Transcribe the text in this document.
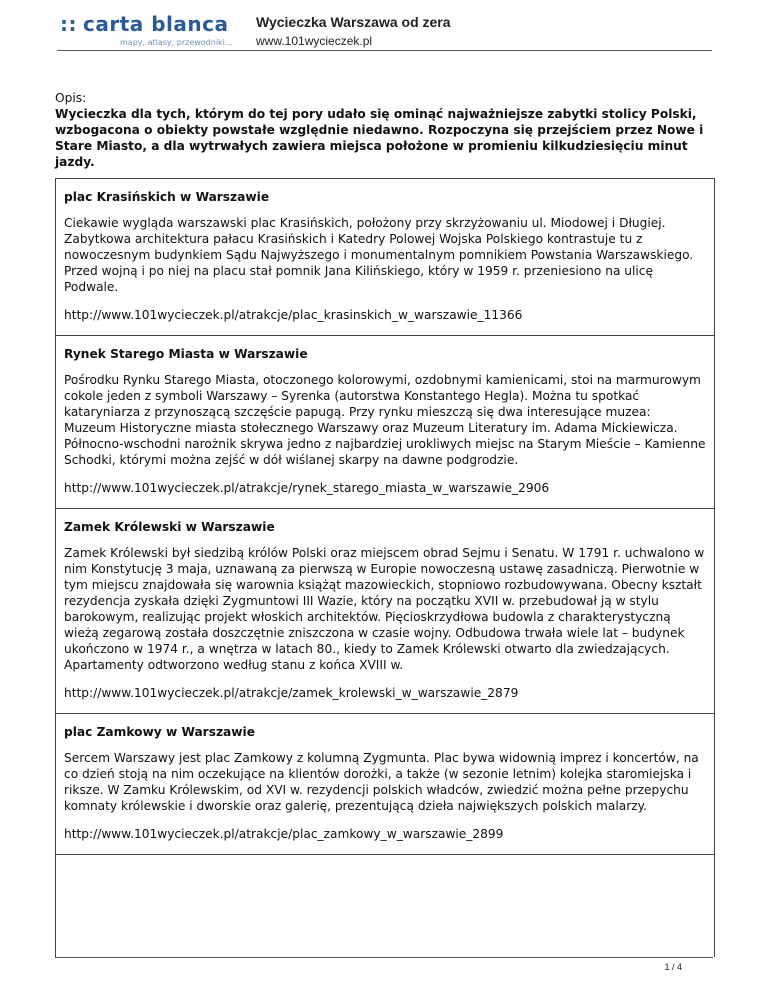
:: carta blanca
mapy, atlasy, przewodniki...
Wycieczka Warszawa od zera
www.101wycieczek.pl
Opis:
Wycieczka dla tych, którym do tej pory udało się ominąć najważniejsze zabytki stolicy Polski, wzbogacona o obiekty powstałe względnie niedawno. Rozpoczyna się przejściem przez Nowe i Stare Miasto, a dla wytrwałych zawiera miejsca położone w promieniu kilkudziesięciu minut jazdy.

plac Krasińskich w Warszawie

Ciekawie wygląda warszawski plac Krasińskich, położony przy skrzyżowaniu ul. Miodowej i Długiej. Zabytkowa architektura pałacu Krasińskich i Katedry Polowej Wojska Polskiego kontrastuje tu z nowoczesnym budynkiem Sądu Najwyższego i monumentalnym pomnikiem Powstania Warszawskiego. Przed wojną i po niej na placu stał pomnik Jana Kilińskiego, który w 1959 r. przeniesiono na ulicę Podwale.

http://www.101wycieczek.pl/atrakcje/plac_krasinskich_w_warszawie_11366

Rynek Starego Miasta w Warszawie

Pośrodku Rynku Starego Miasta, otoczonego kolorowymi, ozdobnymi kamienicami, stoi na marmurowym cokole jeden z symboli Warszawy – Syrenka (autorstwa Konstantego Hegla). Można tu spotkać kataryniarza z przynoszącą szczęście papugą. Przy rynku mieszczą się dwa interesujące muzea: Muzeum Historyczne miasta stołecznego Warszawy oraz Muzeum Literatury im. Adama Mickiewicza. Północno-wschodni narożnik skrywa jedno z najbardziej urokliwych miejsc na Starym Mieście – Kamienne Schodki, którymi można zejść w dół wiślanej skarpy na dawne podgrodzie.

http://www.101wycieczek.pl/atrakcje/rynek_starego_miasta_w_warszawie_2906

Zamek Królewski w Warszawie

Zamek Królewski był siedzibą królów Polski oraz miejscem obrad Sejmu i Senatu. W 1791 r. uchwalono w nim Konstytucję 3 maja, uznawaną za pierwszą w Europie nowoczesną ustawę zasadniczą. Pierwotnie w tym miejscu znajdowała się warownia książąt mazowieckich, stopniowo rozbudowywana. Obecny kształt rezydencja zyskała dzięki Zygmuntowi III Wazie, który na początku XVII w. przebudował ją w stylu barokowym, realizując projekt włoskich architektów. Pięcioskrzydłowa budowla z charakterystyczną wieżą zegarową została doszczętnie zniszczona w czasie wojny. Odbudowa trwała wiele lat – budynek ukończono w 1974 r., a wnętrza w latach 80., kiedy to Zamek Królewski otwarto dla zwiedzających. Apartamenty odtworzono według stanu z końca XVIII w.

http://www.101wycieczek.pl/atrakcje/zamek_krolewski_w_warszawie_2879

plac Zamkowy w Warszawie

Sercem Warszawy jest plac Zamkowy z kolumną Zygmunta. Plac bywa widownią imprez i koncertów, na co dzień stoją na nim oczekujące na klientów dorożki, a także (w sezonie letnim) kolejka staromiejska i riksze. W Zamku Królewskim, od XVI w. rezydencji polskich władców, zwiedzić można pełne przepychu komnaty królewskie i dworskie oraz galerię, prezentującą dzieła największych polskich malarzy.

http://www.101wycieczek.pl/atrakcje/plac_zamkowy_w_warszawie_2899

1 / 4
